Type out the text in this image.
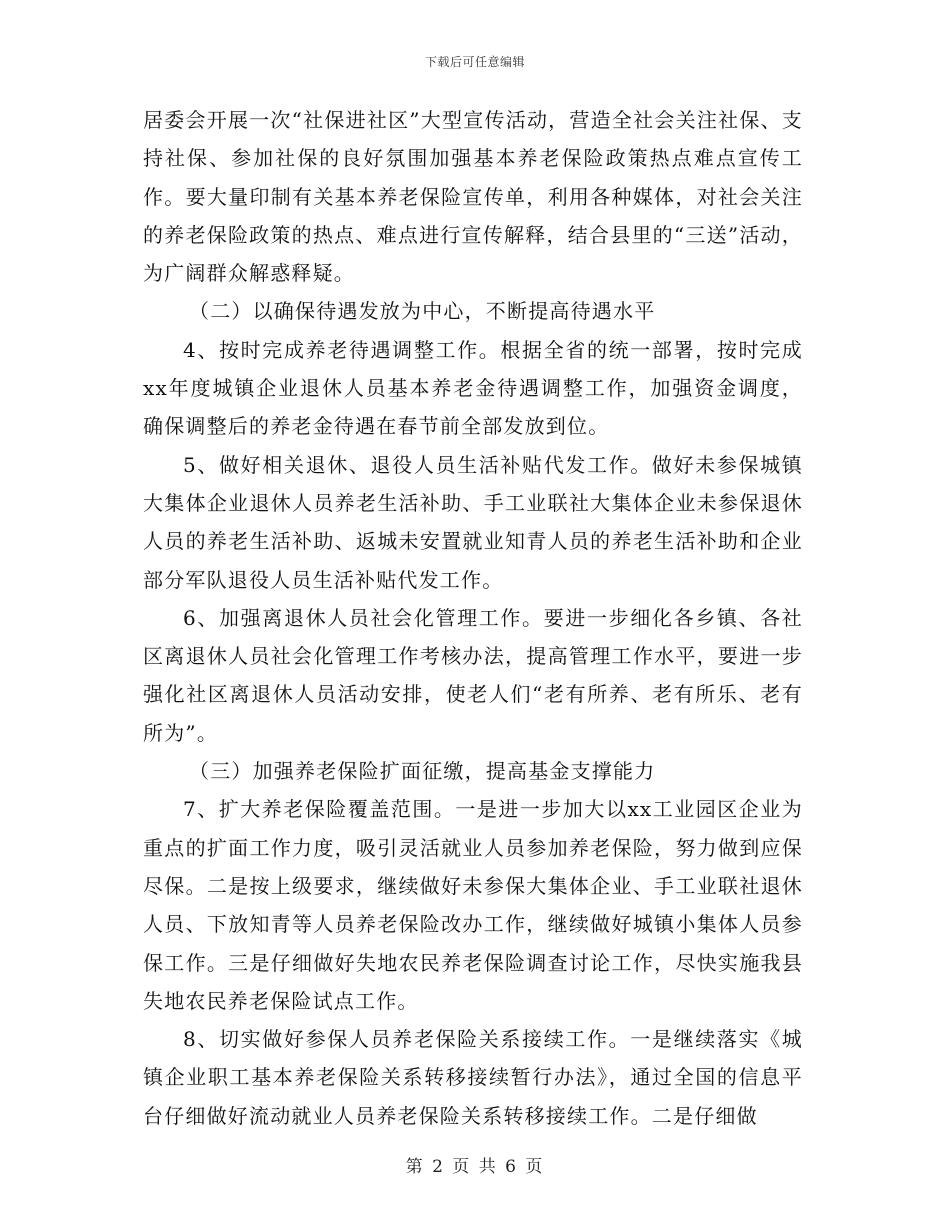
下载后可任意编辑

居委会开展一次“社保进社区”大型宣传活动，营造全社会关注社保、支持社保、参加社保的良好氛围加强基本养老保险政策热点难点宣传工作。要大量印制有关基本养老保险宣传单，利用各种媒体，对社会关注的养老保险政策的热点、难点进行宣传解释，结合县里的“三送”活动，为广阔群众解惑释疑。

（二）以确保待遇发放为中心，不断提高待遇水平

4、按时完成养老待遇调整工作。根据全省的统一部署，按时完成xx年度城镇企业退休人员基本养老金待遇调整工作，加强资金调度，确保调整后的养老金待遇在春节前全部发放到位。

5、做好相关退休、退役人员生活补贴代发工作。做好未参保城镇大集体企业退休人员养老生活补助、手工业联社大集体企业未参保退休人员的养老生活补助、返城未安置就业知青人员的养老生活补助和企业部分军队退役人员生活补贴代发工作。

6、加强离退休人员社会化管理工作。要进一步细化各乡镇、各社区离退休人员社会化管理工作考核办法，提高管理工作水平，要进一步强化社区离退休人员活动安排，使老人们“老有所养、老有所乐、老有所为”。

（三）加强养老保险扩面征缴，提高基金支撑能力

7、扩大养老保险覆盖范围。一是进一步加大以xx工业园区企业为重点的扩面工作力度，吸引灵活就业人员参加养老保险，努力做到应保尽保。二是按上级要求，继续做好未参保大集体企业、手工业联社退休人员、下放知青等人员养老保险改办工作，继续做好城镇小集体人员参保工作。三是仔细做好失地农民养老保险调查讨论工作，尽快实施我县失地农民养老保险试点工作。

8、切实做好参保人员养老保险关系接续工作。一是继续落实《城镇企业职工基本养老保险关系转移接续暂行办法》，通过全国的信息平台仔细做好流动就业人员养老保险关系转移接续工作。二是仔细做

第 2 页 共 6 页
